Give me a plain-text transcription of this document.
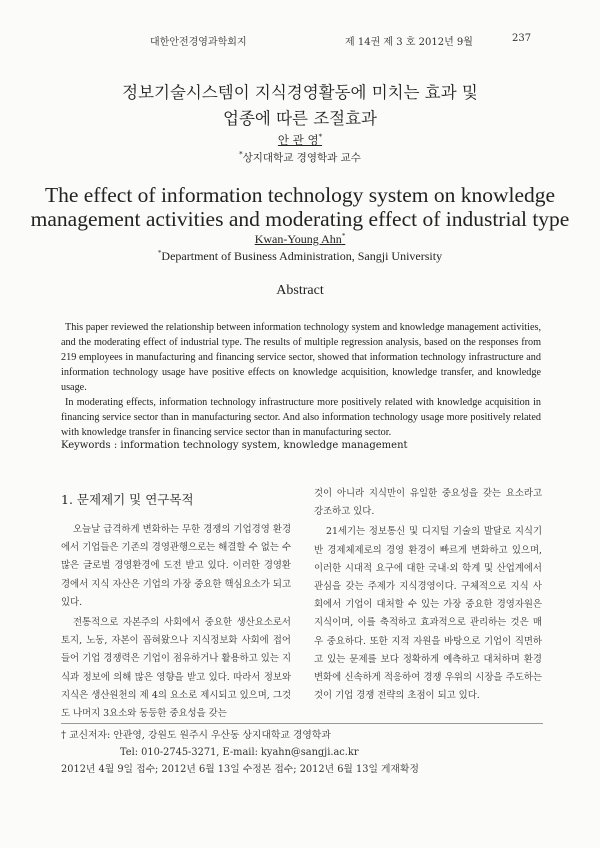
대한안전경영과학회지	제 14권 제 3 호 2012년 9월	237
정보기술시스템이 지식경영활동에 미치는 효과 및
업종에 따른 조절효과
안 관 영*
*상지대학교 경영학과 교수
The effect of information technology system on knowledge
management activities and moderating effect of industrial type
Kwan-Young Ahn*
*Department of Business Administration, Sangji University
Abstract

This paper reviewed the relationship between information technology system and knowledge management activities, and the moderating effect of industrial type. The results of multiple regression analysis, based on the responses from 219 employees in manufacturing and financing service sector, showed that information technology infrastructure and information technology usage have positive effects on knowledge acquisition, knowledge transfer, and knowledge usage.

In moderating effects, information technology infrastructure more positively related with knowledge acquisition in financing service sector than in manufacturing sector. And also information technology usage more positively related with knowledge transfer in financing service sector than in manufacturing sector.

Keywords : information technology system, knowledge management

1. 문제제기 및 연구목적

오늘날 급격하게 변화하는 무한 경쟁의 기업경영 환경에서 기업들은 기존의 경영관행으로는 해결할 수 없는 수많은 글로벌 경영환경에 도전 받고 있다. 이러한 경영환경에서 지식 자산은 기업의 가장 중요한 핵심요소가 되고 있다.

전통적으로 자본주의 사회에서 중요한 생산요소로서 토지, 노동, 자본이 꼽혀왔으나 지식정보화 사회에 접어 들어 기업 경쟁력은 기업이 점유하거나 활용하고 있는 지식과 정보에 의해 많은 영향을 받고 있다. 따라서 정보와 지식은 생산원천의 제 4의 요소로 제시되고 있으며, 그것도 나머지 3요소와 동등한 중요성을 갖는

것이 아니라 지식만이 유일한 중요성을 갖는 요소라고 강조하고 있다.

21세기는 정보통신 및 디지털 기술의 발달로 지식기반 경제체제로의 경영 환경이 빠르게 변화하고 있으며, 이러한 시대적 요구에 대한 국내·외 학계 및 산업계에서 관심을 갖는 주제가 지식경영이다. 구체적으로 지식 사회에서 기업이 대처할 수 있는 가장 중요한 경영자원은 지식이며, 이를 축적하고 효과적으로 관리하는 것은 매우 중요하다. 또한 지적 자원을 바탕으로 기업이 직면하고 있는 문제를 보다 정확하게 예측하고 대처하며 환경 변화에 신속하게 적응하여 경쟁 우위의 시장을 주도하는 것이 기업 경쟁 전략의 초점이 되고 있다.

† 교신저자: 안관영, 강원도 원주시 우산동 상지대학교 경영학과
Tel: 010-2745-3271, E-mail: kyahn@sangji.ac.kr
2012년 4월 9일 접수; 2012년 6월 13일 수정본 접수; 2012년 6월 13일 게재확정
